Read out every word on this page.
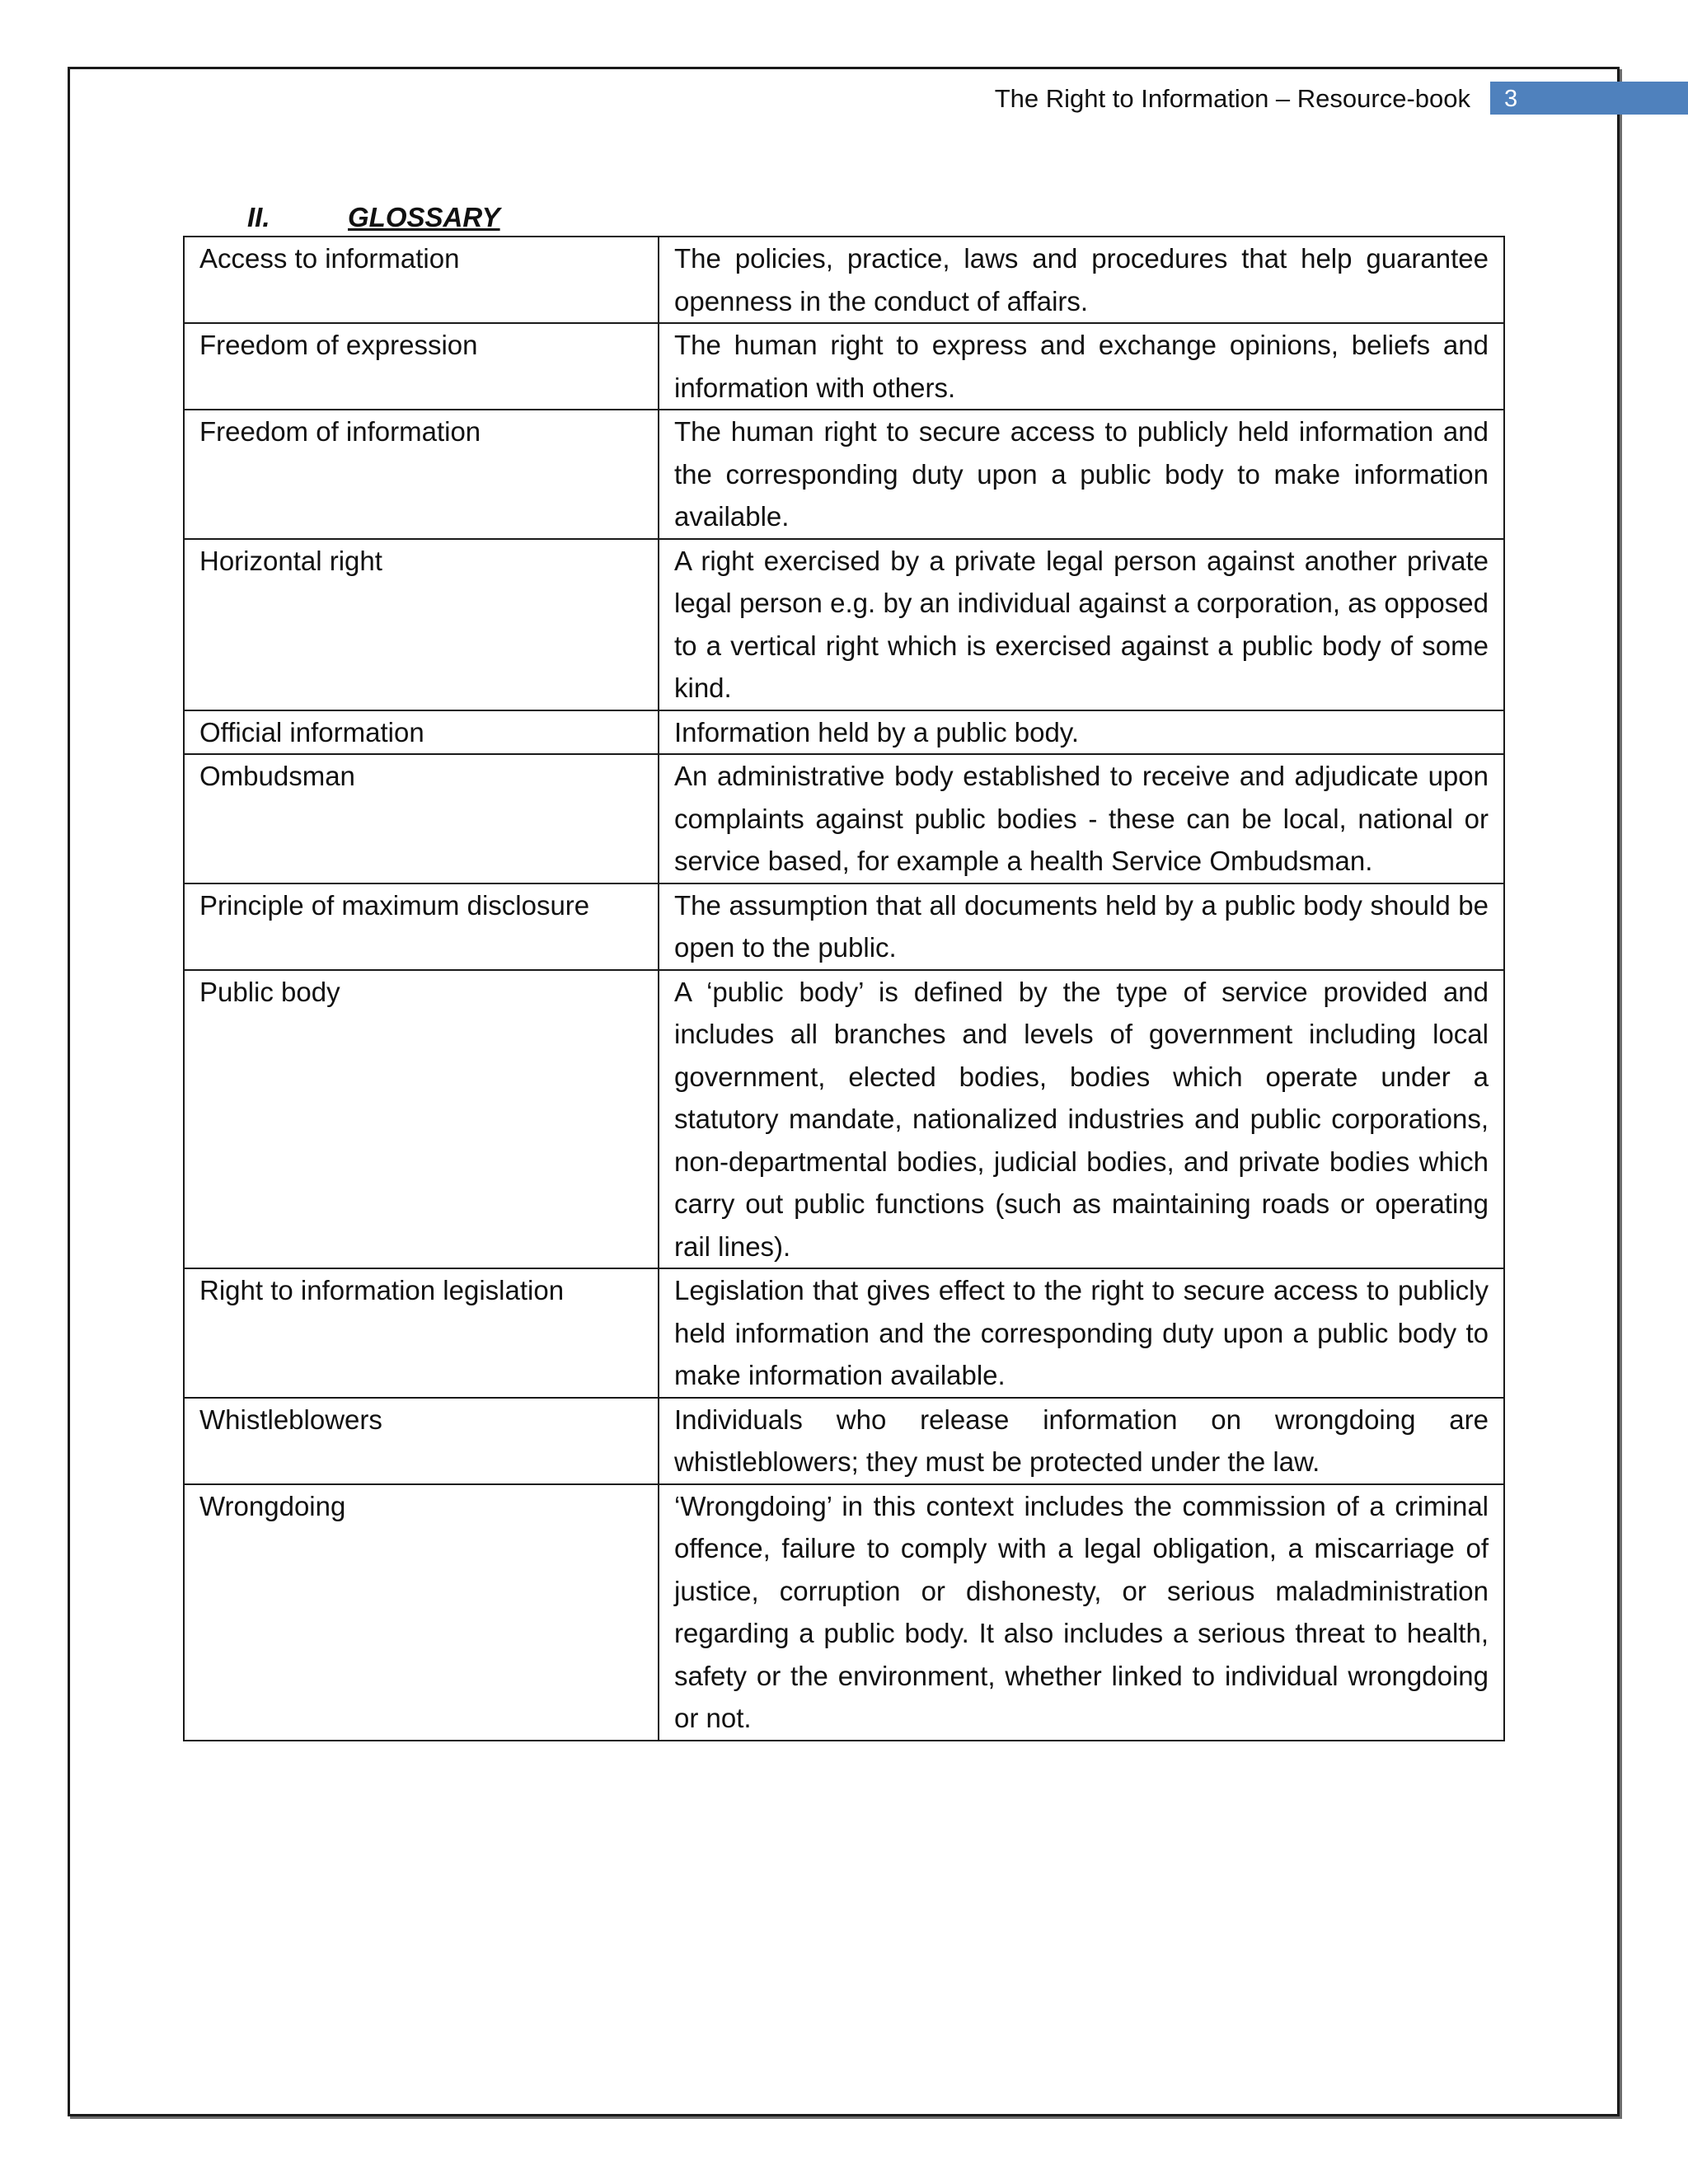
The Right to Information – Resource-book 3
II.	GLOSSARY
Access to information	The policies, practice, laws and procedures that help guarantee openness in the conduct of affairs.
Freedom of expression	The human right to express and exchange opinions, beliefs and information with others.
Freedom of information	The human right to secure access to publicly held information and the corresponding duty upon a public body to make information available.
Horizontal right	A right exercised by a private legal person against another private legal person e.g. by an individual against a corporation, as opposed to a vertical right which is exercised against a public body of some kind.
Official information	Information held by a public body.
Ombudsman	An administrative body established to receive and adjudicate upon complaints against public bodies - these can be local, national or service based, for example a health Service Ombudsman.
Principle of maximum disclosure	The assumption that all documents held by a public body should be open to the public.
Public body	A ‘public body’ is defined by the type of service provided and includes all branches and levels of government including local government, elected bodies, bodies which operate under a statutory mandate, nationalized industries and public corporations, non-departmental bodies, judicial bodies, and private bodies which carry out public functions (such as maintaining roads or operating rail lines).
Right to information legislation	Legislation that gives effect to the right to secure access to publicly held information and the corresponding duty upon a public body to make information available.
Whistleblowers	Individuals who release information on wrongdoing are whistleblowers; they must be protected under the law.
Wrongdoing	‘Wrongdoing’ in this context includes the commission of a criminal offence, failure to comply with a legal obligation, a miscarriage of justice, corruption or dishonesty, or serious maladministration regarding a public body. It also includes a serious threat to health, safety or the environment, whether linked to individual wrongdoing or not.
